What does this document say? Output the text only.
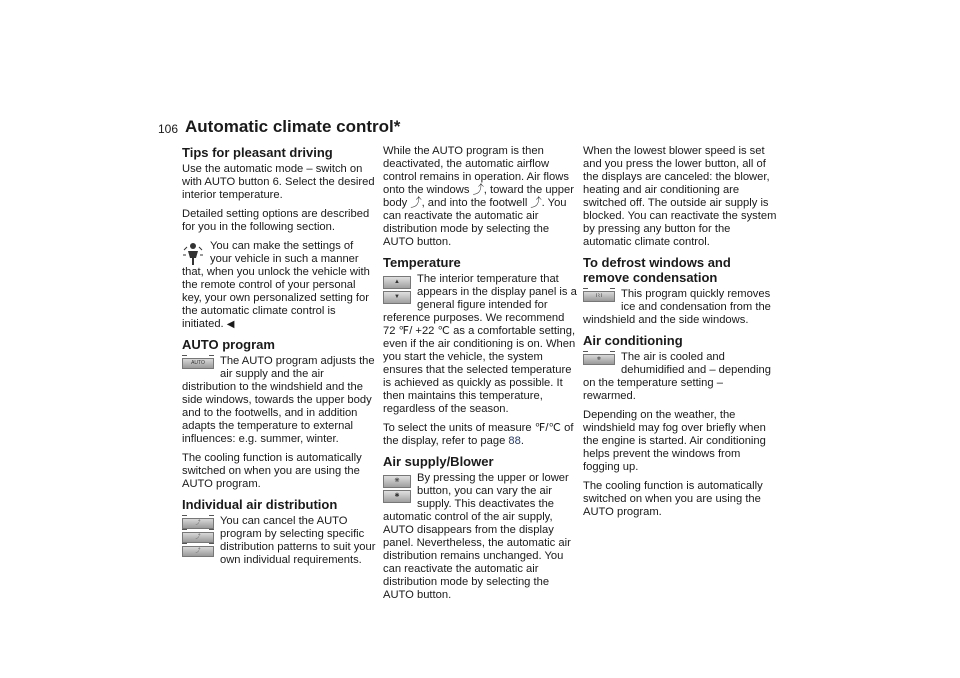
106 Automatic climate control*
Tips for pleasant driving

Use the automatic mode – switch on with AUTO button 6. Select the desired interior temperature.

Detailed setting options are described for you in the following section.

You can make the settings of your vehicle in such a manner that, when you unlock the vehicle with the remote control of your personal key, your own personalized setting for the automatic climate control is initiated. ◀

AUTO program
AUTO	The AUTO program adjusts the air supply and the air distribution to the windshield and the side windows, towards the upper body and to the footwells, and in addition adapts the temperature to external influences: e.g. summer, winter.

The cooling function is automatically switched on when you are using the AUTO program.

Individual air distribution
⤴
⤴
⤴

You can cancel the AUTO program by selecting specific distribution patterns to suit your own individual requirements.

While the AUTO program is then deactivated, the automatic airflow control remains in operation. Air flows onto the windows ⤴, toward the upper body ⤴, and into the footwell ⤴. You can reactivate the automatic air distribution mode by selecting the AUTO button.

Temperature
▲
▼

The interior temperature that appears in the display panel is a general figure intended for reference purposes. We recommend 72 ℉/ +22 ℃ as a comfortable setting, even if the air conditioning is on. When you start the vehicle, the system ensures that the selected temperature is achieved as quickly as possible. It then maintains this temperature, regardless of the season.

To select the units of measure ℉/℃ of the display, refer to page 88.

Air supply/Blower
❋
✱

By pressing the upper or lower button, you can vary the air supply. This deactivates the automatic control of the air supply, AUTO disappears from the display panel. Nevertheless, the automatic air distribution remains unchanged. You can reactivate the automatic air distribution mode by selecting the AUTO button.

When the lowest blower speed is set and you press the lower button, all of the displays are canceled: the blower, heating and air conditioning are switched off. The outside air supply is blocked. You can reactivate the system by pressing any button for the automatic climate control.

To defrost windows and remove condensation
⌇⌇⌇	This program quickly removes ice and condensation from the windshield and the side windows.

Air conditioning
❄	The air is cooled and dehumidified and – depending on the temperature setting – rewarmed.

Depending on the weather, the windshield may fog over briefly when the engine is started. Air conditioning helps prevent the windows from fogging up.

The cooling function is automatically switched on when you are using the AUTO program.
